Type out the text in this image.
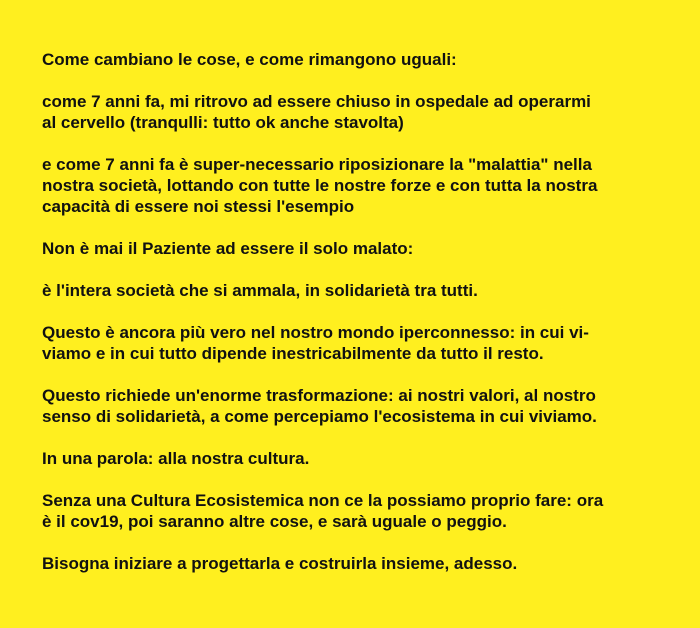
Come cambiano le cose, e come rimangono uguali:

come 7 anni fa, mi ritrovo ad essere chiuso in ospedale ad operarmi
al cervello (tranqulli: tutto ok anche stavolta)

e come 7 anni fa è super-necessario riposizionare la "malattia" nella
nostra società, lottando con tutte le nostre forze e con tutta la nostra
capacità di essere noi stessi l'esempio

Non è mai il Paziente ad essere il solo malato:

è l'intera società che si ammala, in solidarietà tra tutti.

Questo è ancora più vero nel nostro mondo iperconnesso: in cui vi-
viamo e in cui tutto dipende inestricabilmente da tutto il resto.

Questo richiede un'enorme trasformazione: ai nostri valori, al nostro
senso di solidarietà, a come percepiamo l'ecosistema in cui viviamo.

In una parola: alla nostra cultura.

Senza una Cultura Ecosistemica non ce la possiamo proprio fare: ora
è il cov19, poi saranno altre cose, e sarà uguale o peggio.

Bisogna iniziare a progettarla e costruirla insieme, adesso.
